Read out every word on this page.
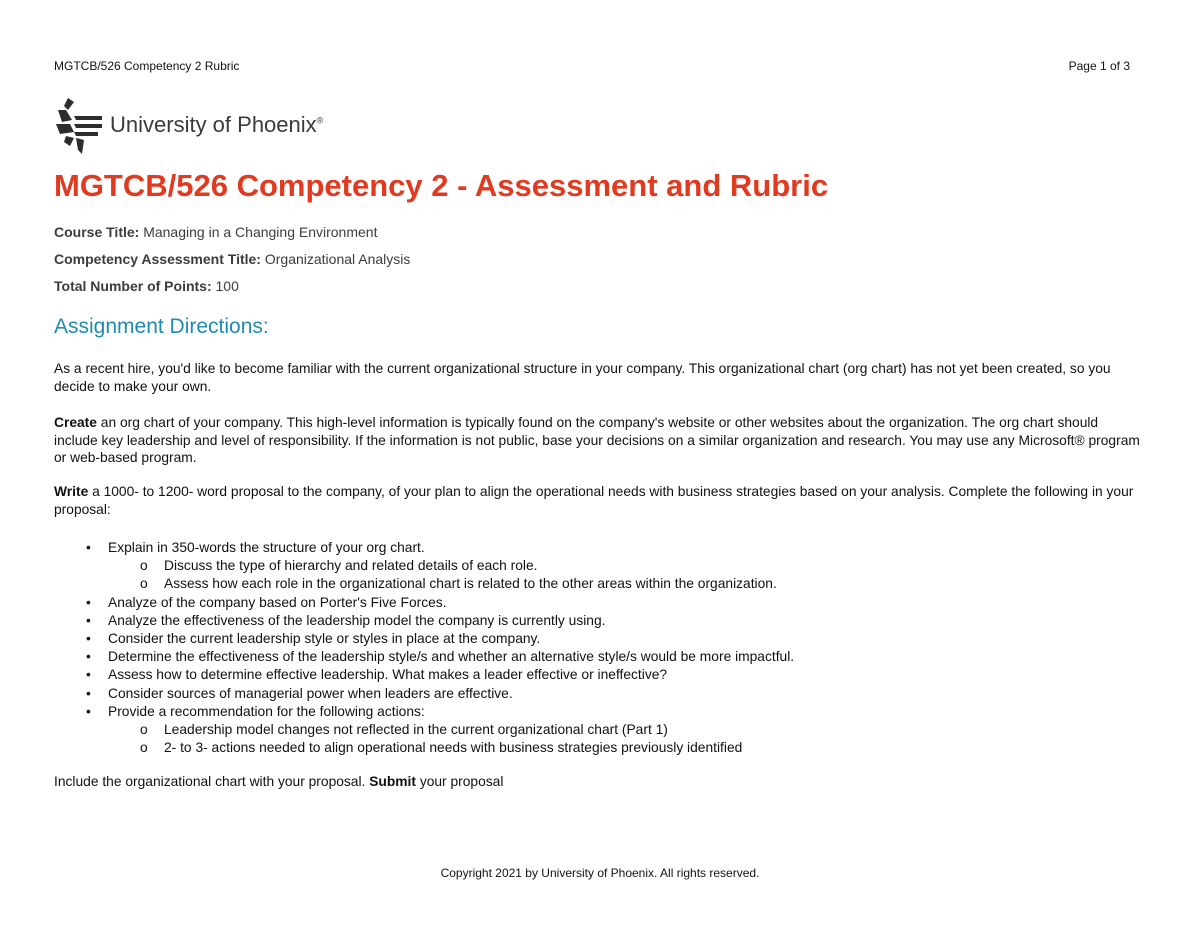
MGTCB/526 Competency 2 Rubric	Page 1 of 3
University of Phoenix®
MGTCB/526 Competency 2 - Assessment and Rubric
Course Title: Managing in a Changing Environment
Competency Assessment Title: Organizational Analysis
Total Number of Points: 100
Assignment Directions:
As a recent hire, you'd like to become familiar with the current organizational structure in your company. This organizational chart (org chart) has not yet been created, so you decide to make your own.
Create an org chart of your company. This high-level information is typically found on the company's website or other websites about the organization. The org chart should include key leadership and level of responsibility. If the information is not public, base your decisions on a similar organization and research. You may use any Microsoft® program or web-based program.
Write a 1000- to 1200- word proposal to the company, of your plan to align the operational needs with business strategies based on your analysis. Complete the following in your proposal:
• Explain in 350-words the structure of your org chart.
o Discuss the type of hierarchy and related details of each role.
o Assess how each role in the organizational chart is related to the other areas within the organization.
• Analyze of the company based on Porter's Five Forces.
• Analyze the effectiveness of the leadership model the company is currently using.
• Consider the current leadership style or styles in place at the company.
• Determine the effectiveness of the leadership style/s and whether an alternative style/s would be more impactful.
• Assess how to determine effective leadership. What makes a leader effective or ineffective?
• Consider sources of managerial power when leaders are effective.
• Provide a recommendation for the following actions:
o Leadership model changes not reflected in the current organizational chart (Part 1)
o 2- to 3- actions needed to align operational needs with business strategies previously identified
Include the organizational chart with your proposal. Submit your proposal
Copyright 2021 by University of Phoenix. All rights reserved.
